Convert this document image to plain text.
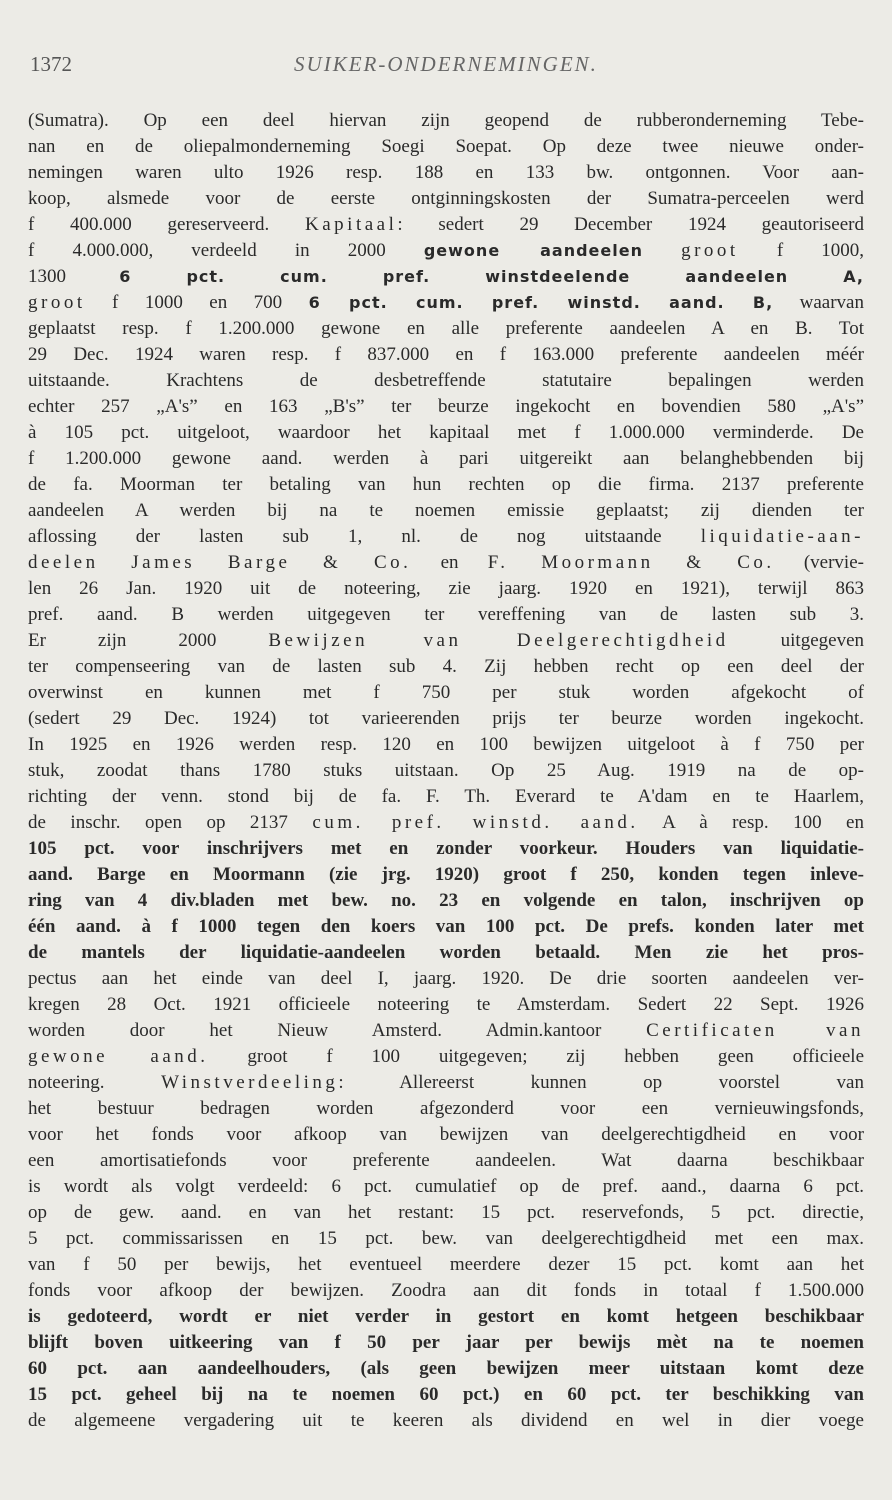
1372	SUIKER-ONDERNEMINGEN.
(Sumatra). Op een deel hiervan zijn geopend de rubberonderneming Tebe-
nan en de oliepalmonderneming Soegi Soepat. Op deze twee nieuwe onder-
nemingen waren ulto 1926 resp. 188 en 133 bw. ontgonnen. Voor aan-
koop, alsmede voor de eerste ontginningskosten der Sumatra-perceelen werd
f 400.000 gereserveerd. Kapitaal: sedert 29 December 1924 geautoriseerd
f 4.000.000, verdeeld in 2000 gewone aandeelen groot f 1000,
1300 6 pct. cum. pref. winstdeelende aandeelen A,
groot f 1000 en 700 6 pct. cum. pref. winstd. aand. B, waarvan
geplaatst resp. f 1.200.000 gewone en alle preferente aandeelen A en B. Tot
29 Dec. 1924 waren resp. f 837.000 en f 163.000 preferente aandeelen méér
uitstaande. Krachtens de desbetreffende statutaire bepalingen werden
echter 257 „A's” en 163 „B's” ter beurze ingekocht en bovendien 580 „A's”
à 105 pct. uitgeloot, waardoor het kapitaal met f 1.000.000 verminderde. De
f 1.200.000 gewone aand. werden à pari uitgereikt aan belanghebbenden bij
de fa. Moorman ter betaling van hun rechten op die firma. 2137 preferente
aandeelen A werden bij na te noemen emissie geplaatst; zij dienden ter
aflossing der lasten sub 1, nl. de nog uitstaande liquidatie-aan-
deelen James Barge & Co. en F. Moormann & Co. (vervie-
len 26 Jan. 1920 uit de noteering, zie jaarg. 1920 en 1921), terwijl 863
pref. aand. B werden uitgegeven ter vereffening van de lasten sub 3.
Er zijn 2000 Bewijzen van Deelgerechtigdheid uitgegeven
ter compenseering van de lasten sub 4. Zij hebben recht op een deel der
overwinst en kunnen met f 750 per stuk worden afgekocht of
(sedert 29 Dec. 1924) tot varieerenden prijs ter beurze worden ingekocht.
In 1925 en 1926 werden resp. 120 en 100 bewijzen uitgeloot à f 750 per
stuk, zoodat thans 1780 stuks uitstaan. Op 25 Aug. 1919 na de op-
richting der venn. stond bij de fa. F. Th. Everard te A'dam en te Haarlem,
de inschr. open op 2137 cum. pref. winstd. aand. A à resp. 100 en
105 pct. voor inschrijvers met en zonder voorkeur. Houders van liquidatie-
aand. Barge en Moormann (zie jrg. 1920) groot f 250, konden tegen inleve-
ring van 4 div.bladen met bew. no. 23 en volgende en talon, inschrijven op
één aand. à f 1000 tegen den koers van 100 pct. De prefs. konden later met
de mantels der liquidatie-aandeelen worden betaald. Men zie het pros-
pectus aan het einde van deel I, jaarg. 1920. De drie soorten aandeelen ver-
kregen 28 Oct. 1921 officieele noteering te Amsterdam. Sedert 22 Sept. 1926
worden door het Nieuw Amsterd. Admin.kantoor Certificaten van
gewone aand. groot f 100 uitgegeven; zij hebben geen officieele
noteering. Winstverdeeling: Allereerst kunnen op voorstel van
het bestuur bedragen worden afgezonderd voor een vernieuwingsfonds,
voor het fonds voor afkoop van bewijzen van deelgerechtigdheid en voor
een amortisatiefonds voor preferente aandeelen. Wat daarna beschikbaar
is wordt als volgt verdeeld: 6 pct. cumulatief op de pref. aand., daarna 6 pct.
op de gew. aand. en van het restant: 15 pct. reservefonds, 5 pct. directie,
5 pct. commissarissen en 15 pct. bew. van deelgerechtigdheid met een max.
van f 50 per bewijs, het eventueel meerdere dezer 15 pct. komt aan het
fonds voor afkoop der bewijzen. Zoodra aan dit fonds in totaal f 1.500.000
is gedoteerd, wordt er niet verder in gestort en komt hetgeen beschikbaar
blijft boven uitkeering van f 50 per jaar per bewijs mèt na te noemen
60 pct. aan aandeelhouders, (als geen bewijzen meer uitstaan komt deze
15 pct. geheel bij na te noemen 60 pct.) en 60 pct. ter beschikking van
de algemeene vergadering uit te keeren als dividend en wel in dier voege
